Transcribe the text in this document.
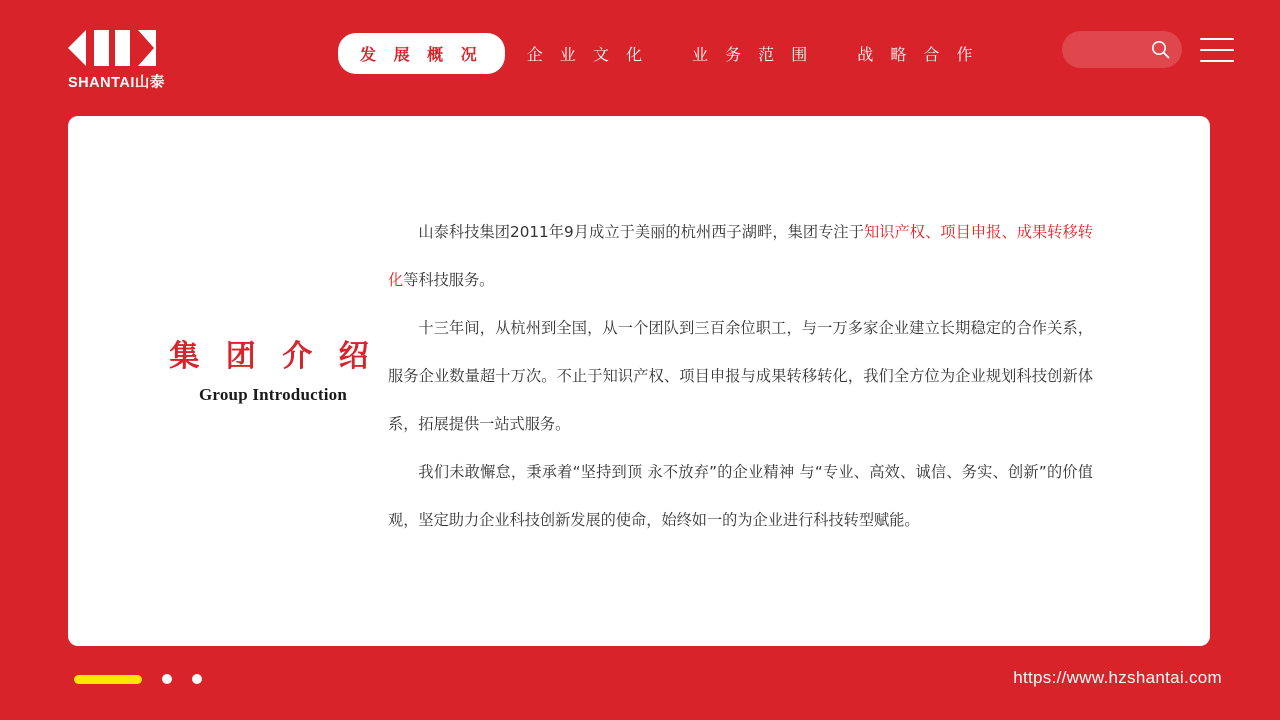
SHANTAI山泰
发 展 概 况	企 业 文 化	业 务 范 围	战 略 合 作
集 团 介 绍
Group Introduction

山泰科技集团2011年9月成立于美丽的杭州西子湖畔，集团专注于知识产权、项目申报、成果转移转化等科技服务。

十三年间，从杭州到全国，从一个团队到三百余位职工，与一万多家企业建立长期稳定的合作关系，服务企业数量超十万次。不止于知识产权、项目申报与成果转移转化，我们全方位为企业规划科技创新体系，拓展提供一站式服务。

我们未敢懈怠，秉承着“坚持到顶 永不放弃”的企业精神 与“专业、高效、诚信、务实、创新”的价值观，坚定助力企业科技创新发展的使命，始终如一的为企业进行科技转型赋能。

https://www.hzshantai.com
